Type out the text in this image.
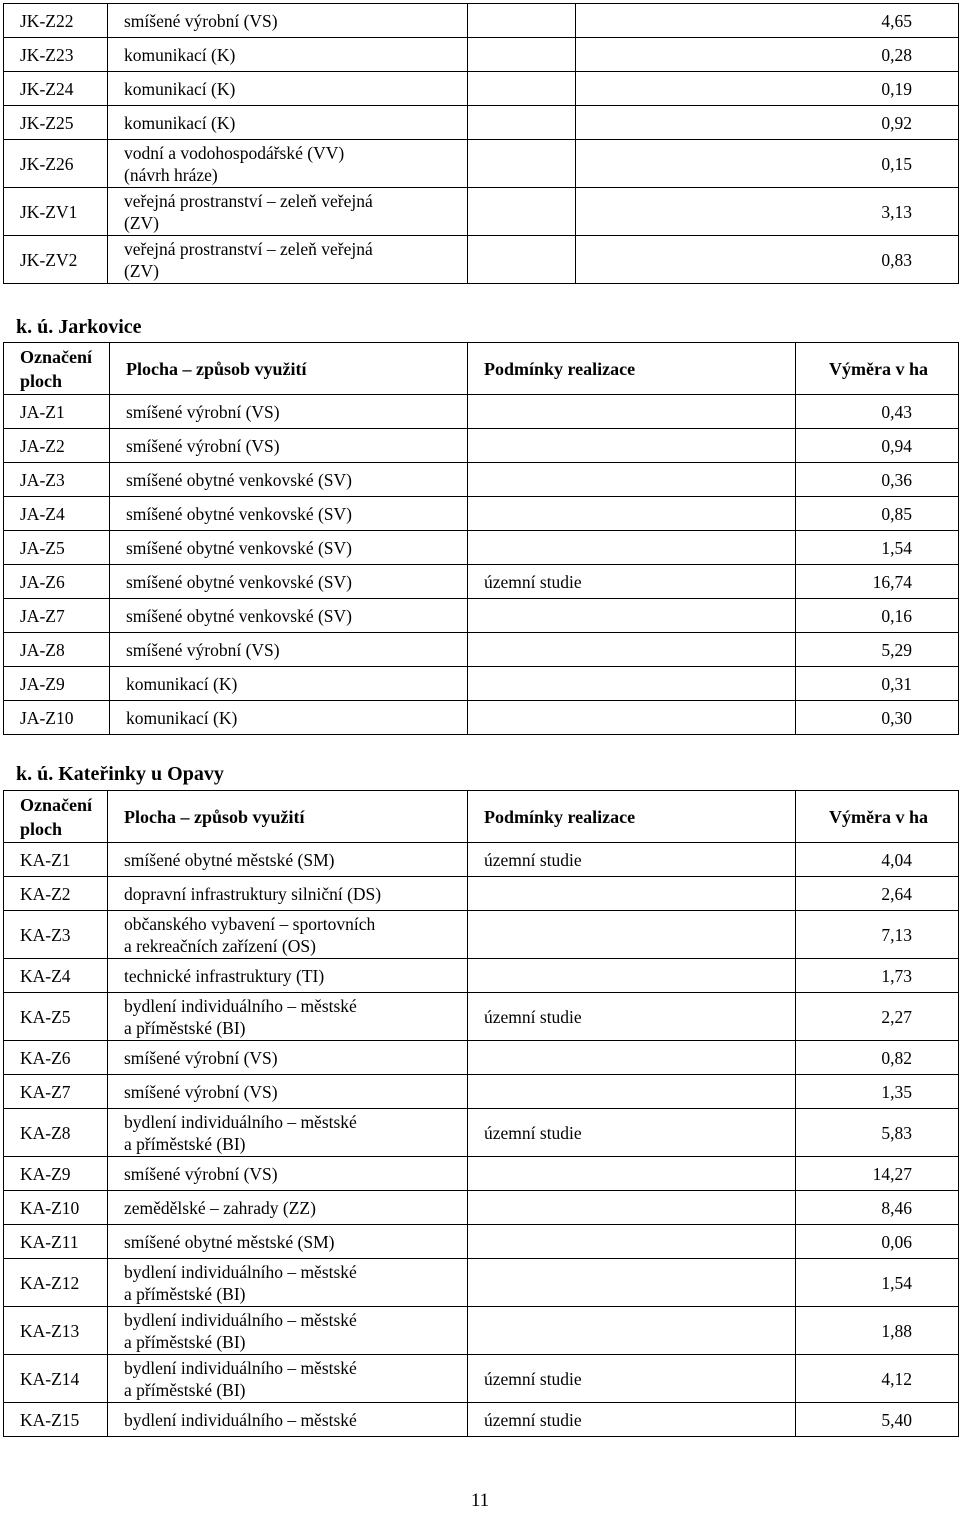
JK-Z22	smíšené výrobní (VS)		4,65
JK-Z23	komunikací (K)		0,28
JK-Z24	komunikací (K)		0,19
JK-Z25	komunikací (K)		0,92
JK-Z26	vodní a vodohospodářské (VV)
(návrh hráze)		0,15
JK-ZV1	veřejná prostranství – zeleň veřejná
(ZV)		3,13
JK-ZV2	veřejná prostranství – zeleň veřejná
(ZV)		0,83
k. ú. Jarkovice
Označení ploch	Plocha – způsob využití	Podmínky realizace	Výměra v ha
JA-Z1	smíšené výrobní (VS)		0,43
JA-Z2	smíšené výrobní (VS)		0,94
JA-Z3	smíšené obytné venkovské (SV)		0,36
JA-Z4	smíšené obytné venkovské (SV)		0,85
JA-Z5	smíšené obytné venkovské (SV)		1,54
JA-Z6	smíšené obytné venkovské (SV)	územní studie	16,74
JA-Z7	smíšené obytné venkovské (SV)		0,16
JA-Z8	smíšené výrobní (VS)		5,29
JA-Z9	komunikací (K)		0,31
JA-Z10	komunikací (K)		0,30
k. ú. Kateřinky u Opavy
Označení ploch	Plocha – způsob využití	Podmínky realizace	Výměra v ha
KA-Z1	smíšené obytné městské (SM)	územní studie	4,04
KA-Z2	dopravní infrastruktury silniční (DS)		2,64
KA-Z3	občanského vybavení – sportovních
a rekreačních zařízení (OS)		7,13
KA-Z4	technické infrastruktury (TI)		1,73
KA-Z5	bydlení individuálního – městské
a příměstské (BI)	územní studie	2,27
KA-Z6	smíšené výrobní (VS)		0,82
KA-Z7	smíšené výrobní (VS)		1,35
KA-Z8	bydlení individuálního – městské
a příměstské (BI)	územní studie	5,83
KA-Z9	smíšené výrobní (VS)		14,27
KA-Z10	zemědělské – zahrady (ZZ)		8,46
KA-Z11	smíšené obytné městské (SM)		0,06
KA-Z12	bydlení individuálního – městské
a příměstské (BI)		1,54
KA-Z13	bydlení individuálního – městské
a příměstské (BI)		1,88
KA-Z14	bydlení individuálního – městské
a příměstské (BI)	územní studie	4,12
KA-Z15	bydlení individuálního – městské	územní studie	5,40
11
